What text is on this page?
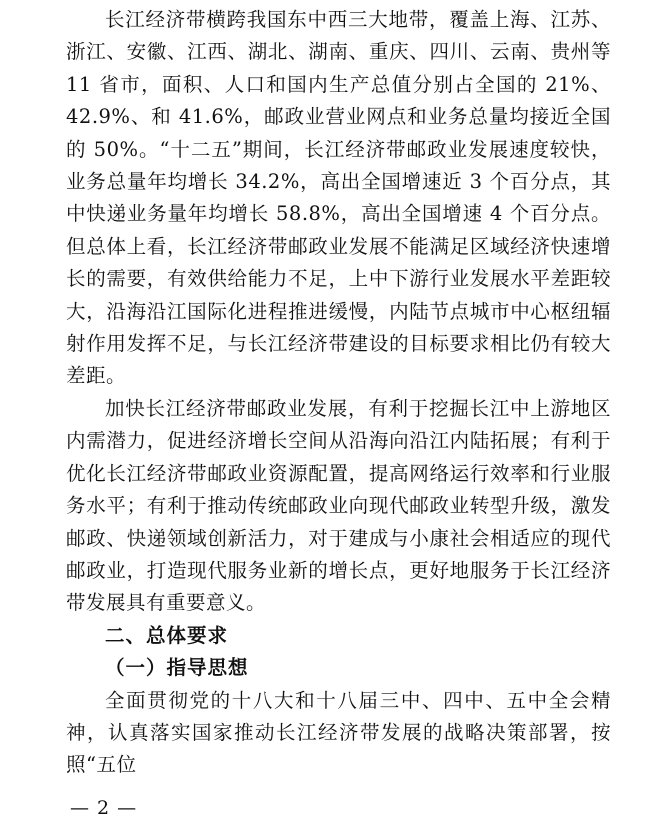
长江经济带横跨我国东中西三大地带，覆盖上海、江苏、浙江、安徽、江西、湖北、湖南、重庆、四川、云南、贵州等 11 省市，面积、人口和国内生产总值分别占全国的 21%、42.9%、和 41.6%，邮政业营业网点和业务总量均接近全国的 50%。“十二五”期间，长江经济带邮政业发展速度较快，业务总量年均增长 34.2%，高出全国增速近 3 个百分点，其中快递业务量年均增长 58.8%，高出全国增速 4 个百分点。但总体上看，长江经济带邮政业发展不能满足区域经济快速增长的需要，有效供给能力不足，上中下游行业发展水平差距较大，沿海沿江国际化进程推进缓慢，内陆节点城市中心枢纽辐射作用发挥不足，与长江经济带建设的目标要求相比仍有较大差距。

加快长江经济带邮政业发展，有利于挖掘长江中上游地区内需潜力，促进经济增长空间从沿海向沿江内陆拓展；有利于优化长江经济带邮政业资源配置，提高网络运行效率和行业服务水平；有利于推动传统邮政业向现代邮政业转型升级，激发邮政、快递领域创新活力，对于建成与小康社会相适应的现代邮政业，打造现代服务业新的增长点，更好地服务于长江经济带发展具有重要意义。

二、总体要求

（一）指导思想

全面贯彻党的十八大和十八届三中、四中、五中全会精神，认真落实国家推动长江经济带发展的战略决策部署，按照“五位

— 2 —
